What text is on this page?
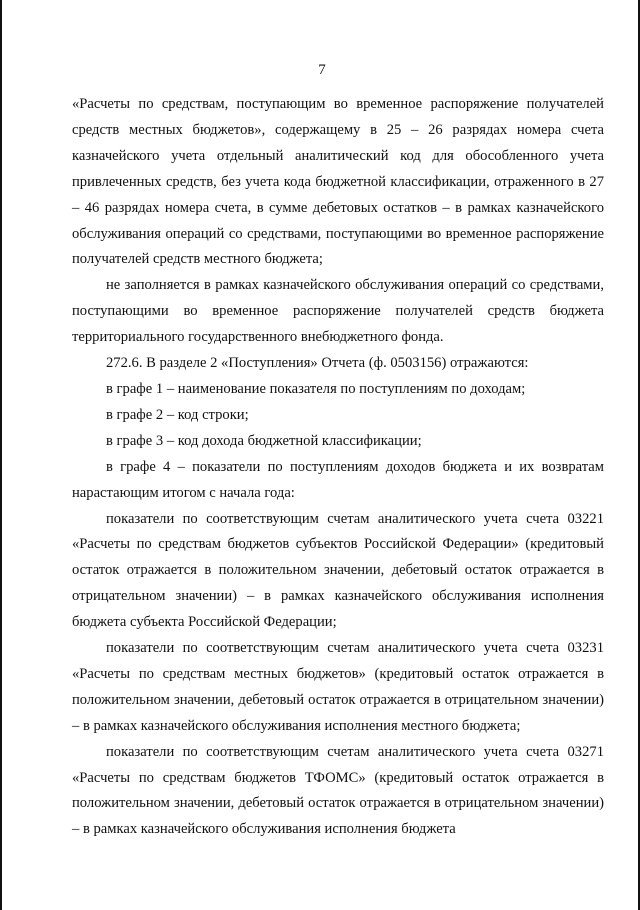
7

«Расчеты по средствам, поступающим во временное распоряжение получателей средств местных бюджетов», содержащему в 25 – 26 разрядах номера счета казначейского учета отдельный аналитический код для обособленного учета привлеченных средств, без учета кода бюджетной классификации, отраженного в 27 – 46 разрядах номера счета, в сумме дебетовых остатков – в рамках казначейского обслуживания операций со средствами, поступающими во временное распоряжение получателей средств местного бюджета;

не заполняется в рамках казначейского обслуживания операций со средствами, поступающими во временное распоряжение получателей средств бюджета территориального государственного внебюджетного фонда.

272.6. В разделе 2 «Поступления» Отчета (ф. 0503156) отражаются:

в графе 1 – наименование показателя по поступлениям по доходам;

в графе 2 – код строки;

в графе 3 – код дохода бюджетной классификации;

в графе 4 – показатели по поступлениям доходов бюджета и их возвратам нарастающим итогом с начала года:

показатели по соответствующим счетам аналитического учета счета 03221 «Расчеты по средствам бюджетов субъектов Российской Федерации» (кредитовый остаток отражается в положительном значении, дебетовый остаток отражается в отрицательном значении) – в рамках казначейского обслуживания исполнения бюджета субъекта Российской Федерации;

показатели по соответствующим счетам аналитического учета счета 03231 «Расчеты по средствам местных бюджетов» (кредитовый остаток отражается в положительном значении, дебетовый остаток отражается в отрицательном значении) – в рамках казначейского обслуживания исполнения местного бюджета;

показатели по соответствующим счетам аналитического учета счета 03271 «Расчеты по средствам бюджетов ТФОМС» (кредитовый остаток отражается в положительном значении, дебетовый остаток отражается в отрицательном значении) – в рамках казначейского обслуживания исполнения бюджета
